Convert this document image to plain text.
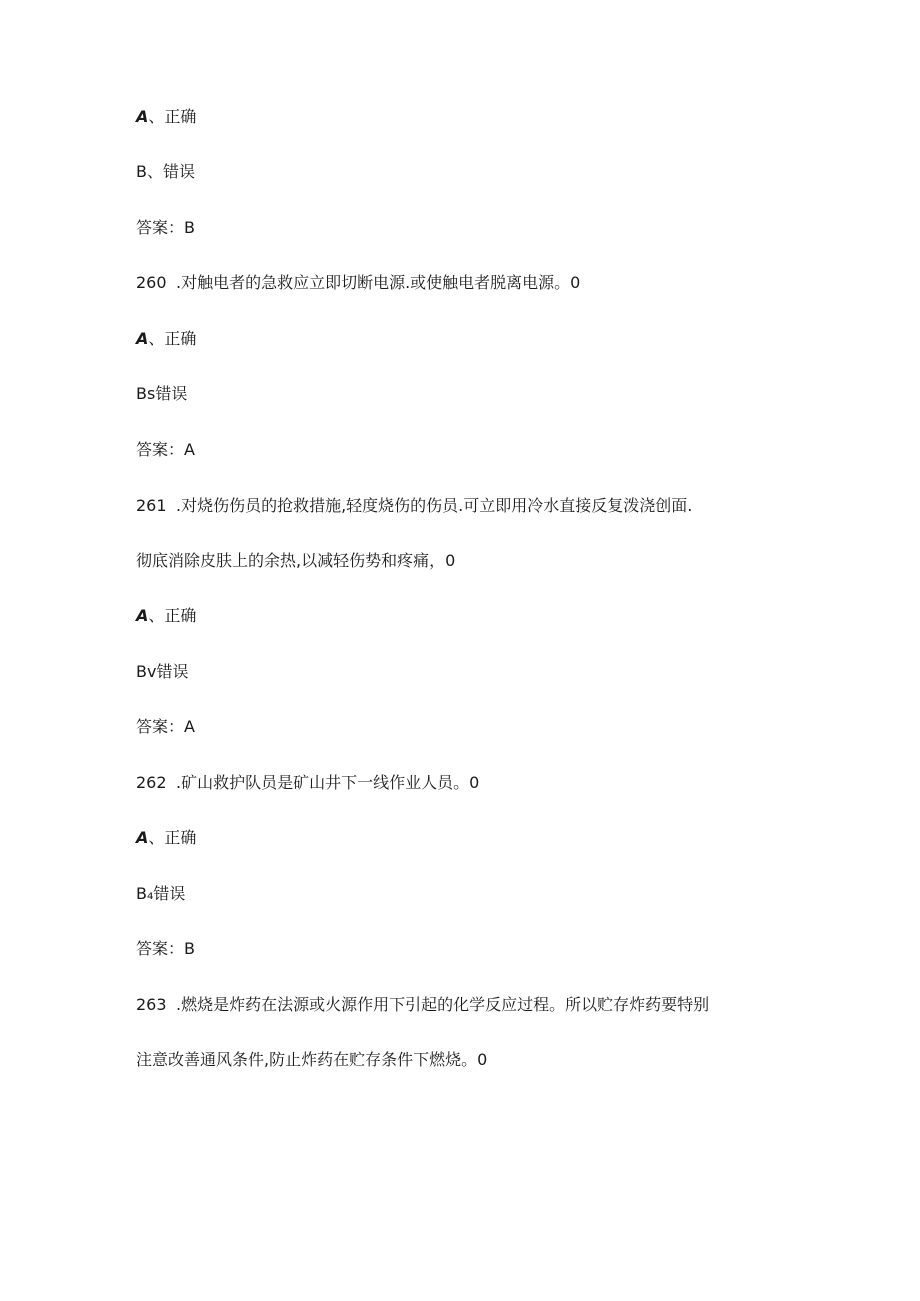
A、正确
B、错误
答案：B
260 .对触电者的急救应立即切断电源.或使触电者脱离电源。0
A、正确
Bs错误
答案：A
261 .对烧伤伤员的抢救措施,轻度烧伤的伤员.可立即用冷水直接反复泼浇创面.
彻底消除皮肤上的余热,以减轻伤势和疼痛，0
A、正确
Bv错误
答案：A
262 .矿山救护队员是矿山井下一线作业人员。0
A、正确
B₄错误
答案：B
263 .燃烧是炸药在法源或火源作用下引起的化学反应过程。所以贮存炸药要特别
注意改善通风条件,防止炸药在贮存条件下燃烧。0
